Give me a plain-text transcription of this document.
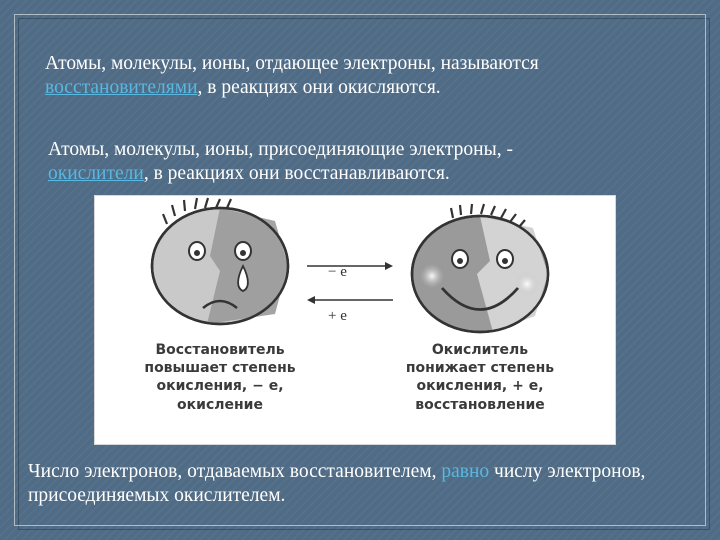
Атомы, молекулы, ионы, отдающее электроны, называются
восстановителями, в реакциях они окисляются.
Атомы, молекулы, ионы, присоединяющие электроны, -
окислители, в реакциях они восстанавливаются.
− e
+ e
Восстановитель
повышает степень
окисления, − е,
окисление
Окислитель
понижает степень
окисления, + е,
восстановление
Число электронов, отдаваемых восстановителем, равно числу электронов, присоединяемых окислителем.
